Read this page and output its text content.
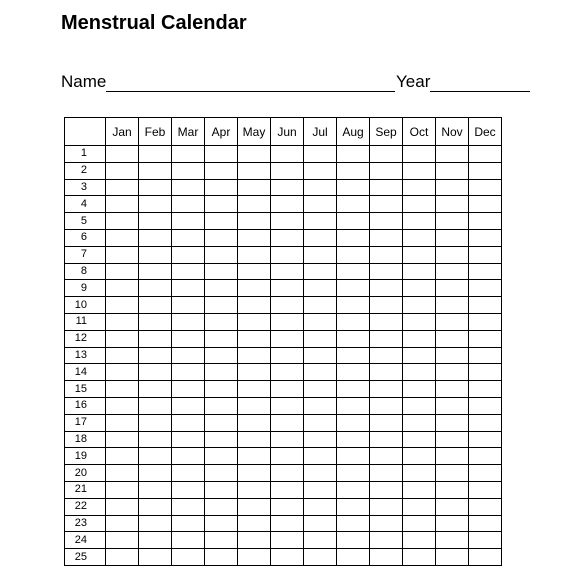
Menstrual Calendar
Name	Year
	Jan	Feb	Mar	Apr	May	Jun	Jul	Aug	Sep	Oct	Nov	Dec
1												
2												
3												
4												
5												
6												
7												
8												
9												
10												
11												
12												
13												
14												
15												
16												
17												
18												
19												
20												
21												
22												
23												
24												
25												
